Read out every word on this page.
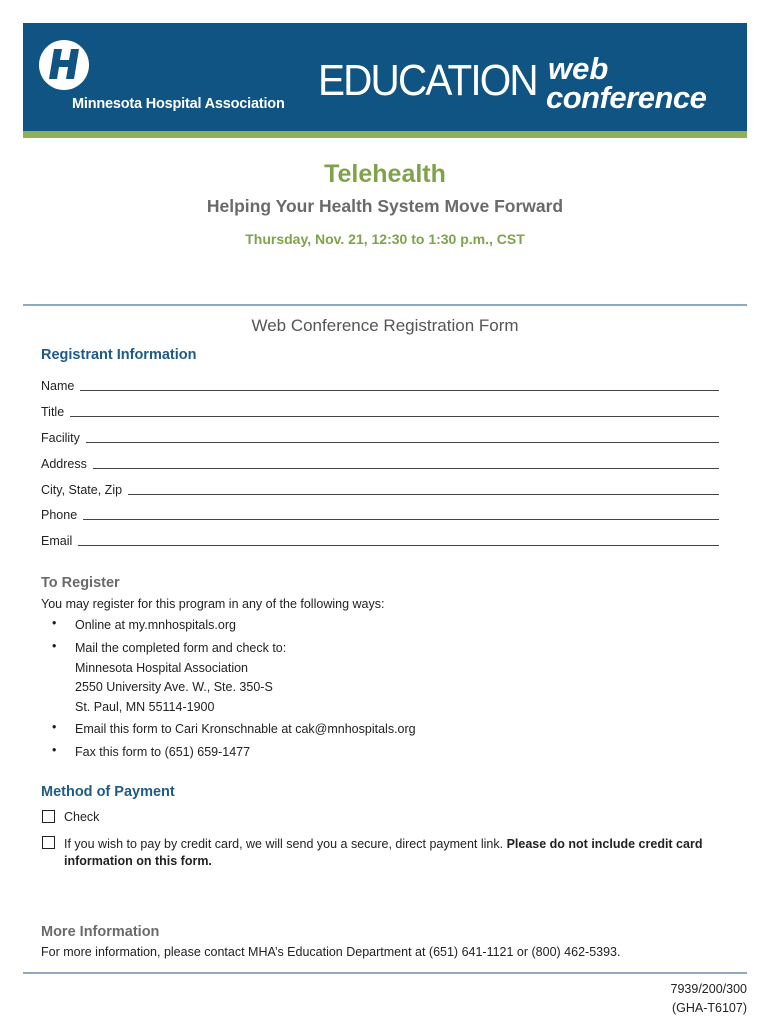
Minnesota Hospital Association EDUCATION web
conference
Telehealth
Helping Your Health System Move Forward
Thursday, Nov. 21, 12:30 to 1:30 p.m., CST
Web Conference Registration Form
Registrant Information
Name
Title
Facility
Address
City, State, Zip
Phone
Email
To Register
You may register for this program in any of the following ways:
• Online at my.mnhospitals.org
• Mail the completed form and check to:
Minnesota Hospital Association
2550 University Ave. W., Ste. 350-S
St. Paul, MN 55114-1900
• Email this form to Cari Kronschnable at cak@mnhospitals.org
• Fax this form to (651) 659-1477
Method of Payment
Check
If you wish to pay by credit card, we will send you a secure, direct payment link. Please do not include credit card information on this form.
More Information
For more information, please contact MHA’s Education Department at (651) 641-1121 or (800) 462-5393.
7939/200/300
(GHA-T6107)
